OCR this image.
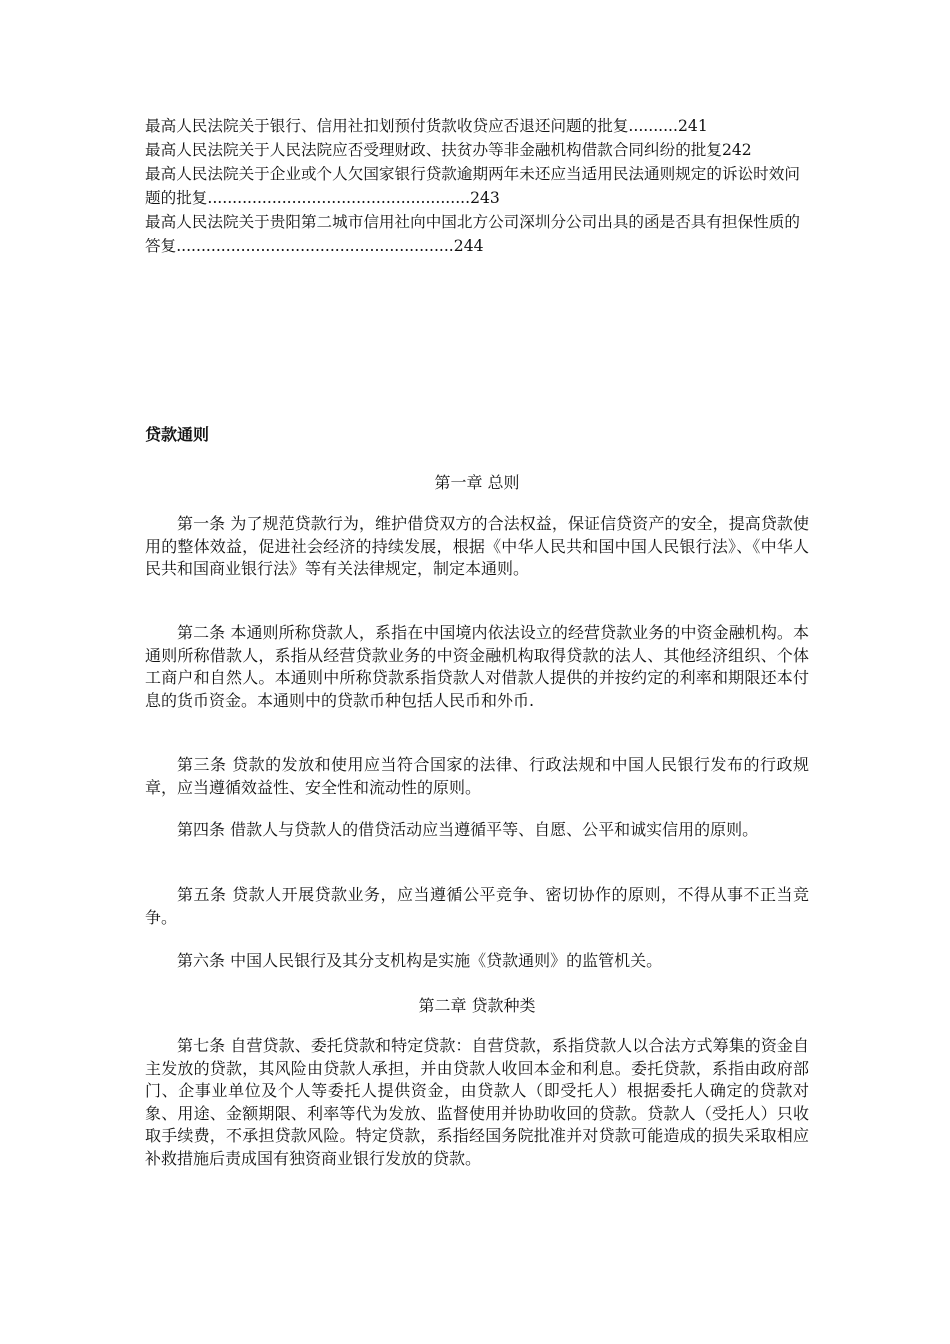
最高人民法院关于银行、信用社扣划预付货款收贷应否退还问题的批复..........241
最高人民法院关于人民法院应否受理财政、扶贫办等非金融机构借款合同纠纷的批复242
最高人民法院关于企业或个人欠国家银行贷款逾期两年未还应当适用民法通则规定的诉讼时效问题的批复.....................................................243
最高人民法院关于贵阳第二城市信用社向中国北方公司深圳分公司出具的函是否具有担保性质的答复........................................................244
贷款通则
第一章 总则
第一条 为了规范贷款行为，维护借贷双方的合法权益，保证信贷资产的安全，提高贷款使用的整体效益，促进社会经济的持续发展，根据《中华人民共和国中国人民银行法》、《中华人民共和国商业银行法》等有关法律规定，制定本通则。
第二条 本通则所称贷款人，系指在中国境内依法设立的经营贷款业务的中资金融机构。本通则所称借款人，系指从经营贷款业务的中资金融机构取得贷款的法人、其他经济组织、个体工商户和自然人。本通则中所称贷款系指贷款人对借款人提供的并按约定的利率和期限还本付息的货币资金。本通则中的贷款币种包括人民币和外币.
第三条 贷款的发放和使用应当符合国家的法律、行政法规和中国人民银行发布的行政规章，应当遵循效益性、安全性和流动性的原则。
第四条 借款人与贷款人的借贷活动应当遵循平等、自愿、公平和诚实信用的原则。
第五条 贷款人开展贷款业务，应当遵循公平竞争、密切协作的原则，不得从事不正当竞争。
第六条 中国人民银行及其分支机构是实施《贷款通则》的监管机关。
第二章 贷款种类
第七条 自营贷款、委托贷款和特定贷款：自营贷款，系指贷款人以合法方式筹集的资金自主发放的贷款，其风险由贷款人承担，并由贷款人收回本金和利息。委托贷款，系指由政府部门、企事业单位及个人等委托人提供资金，由贷款人（即受托人）根据委托人确定的贷款对象、用途、金额期限、利率等代为发放、监督使用并协助收回的贷款。贷款人（受托人）只收取手续费，不承担贷款风险。特定贷款，系指经国务院批准并对贷款可能造成的损失采取相应补救措施后责成国有独资商业银行发放的贷款。
